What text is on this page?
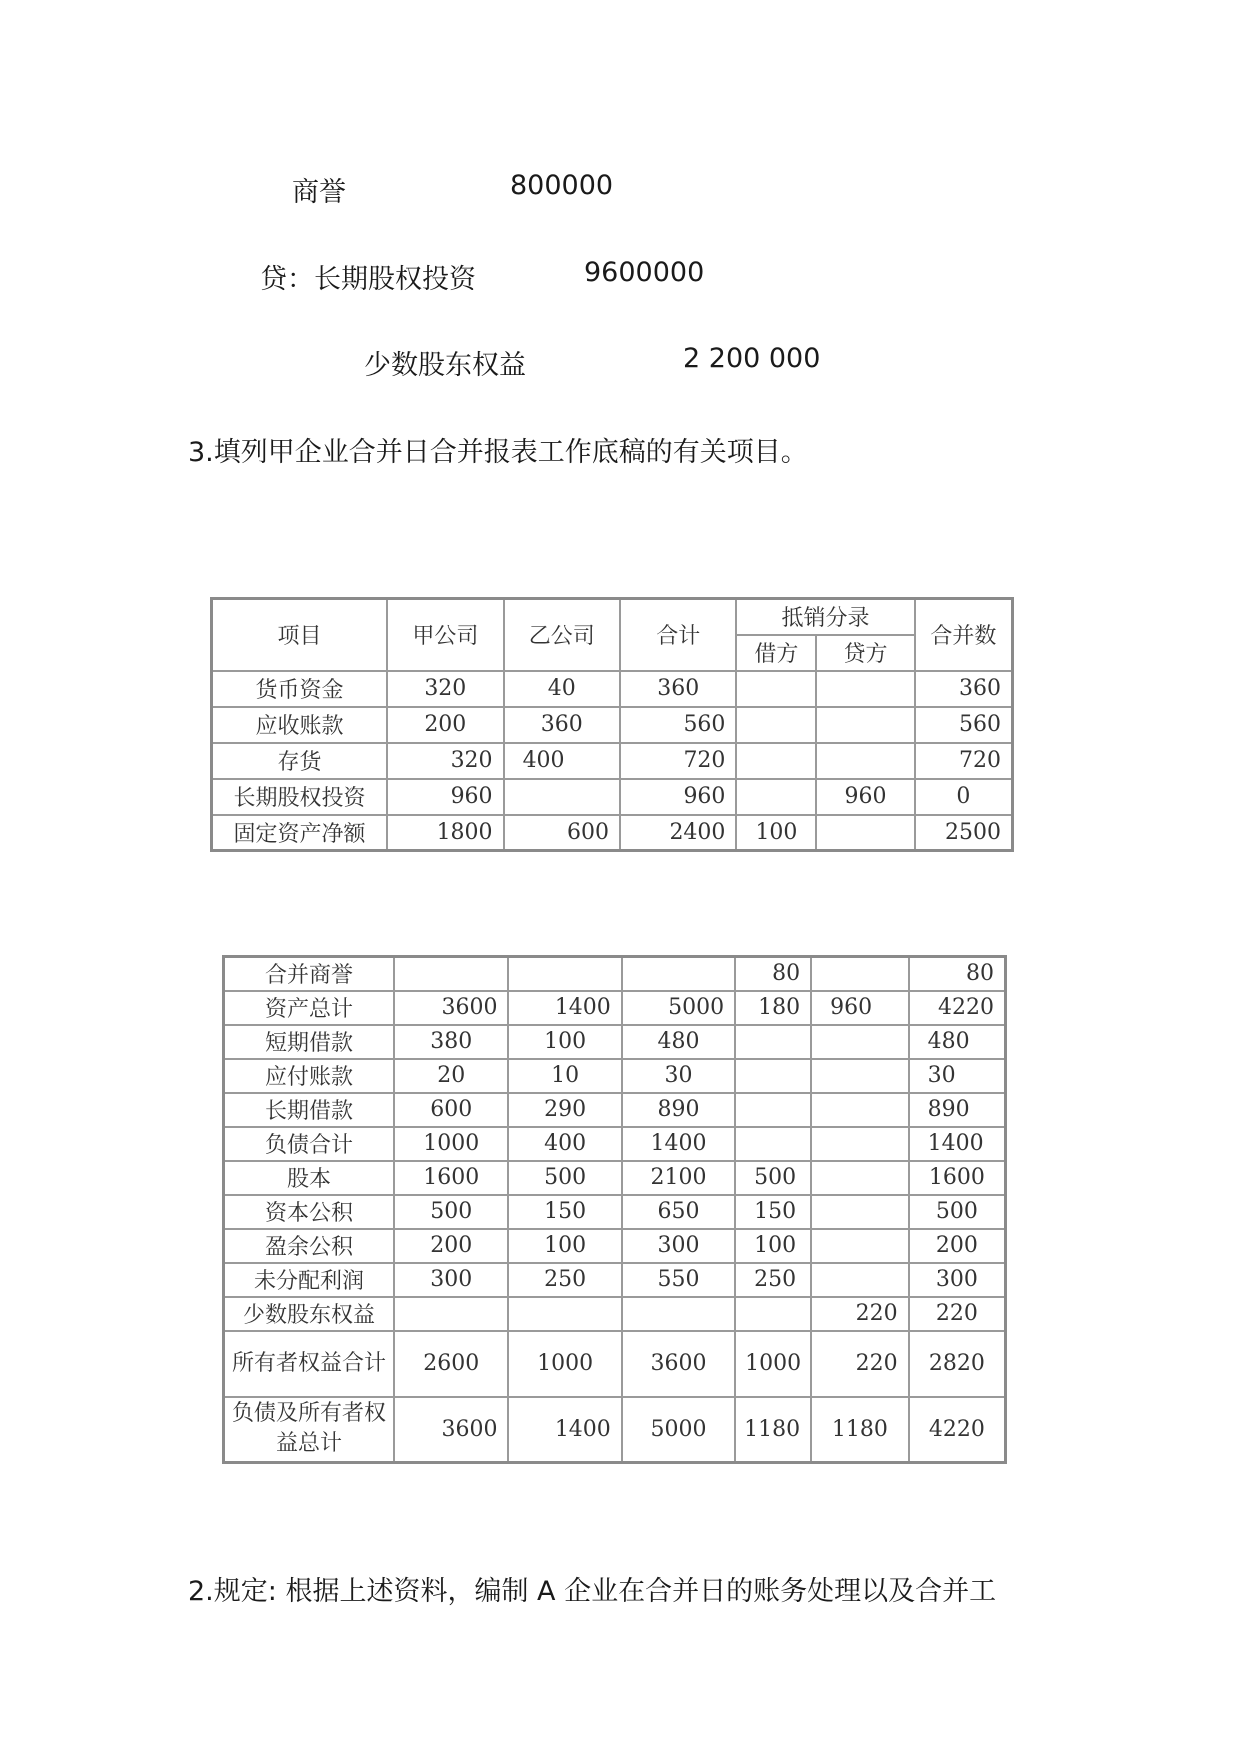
商誉	800000
贷：长期股权投资	9600000
少数股东权益	2 200 000
3.填列甲企业合并日合并报表工作底稿的有关项目。
项目	甲公司	乙公司	合计	抵销分录		合并数
				借方	贷方	
货币资金	320	40	360			360
应收账款	200	360	560			560
存货	320	400	720			720
长期股权投资	960		960		960	0
固定资产净额	1800	600	2400	100		2500
合并商誉				80		80
资产总计	3600	1400	5000	180	960	4220
短期借款	380	100	480			480
应付账款	20	10	30			30
长期借款	600	290	890			890
负债合计	1000	400	1400			1400
股本	1600	500	2100	500		1600
资本公积	500	150	650	150		500
盈余公积	200	100	300	100		200
未分配利润	300	250	550	250		300
少数股东权益					220	220
所有者权益合计	2600	1000	3600	1000	220	2820
负债及所有者权益总计	3600	1400	5000	1180	1180	4220
2.规定: 根据上述资料，编制 A 企业在合并日的账务处理以及合并工
